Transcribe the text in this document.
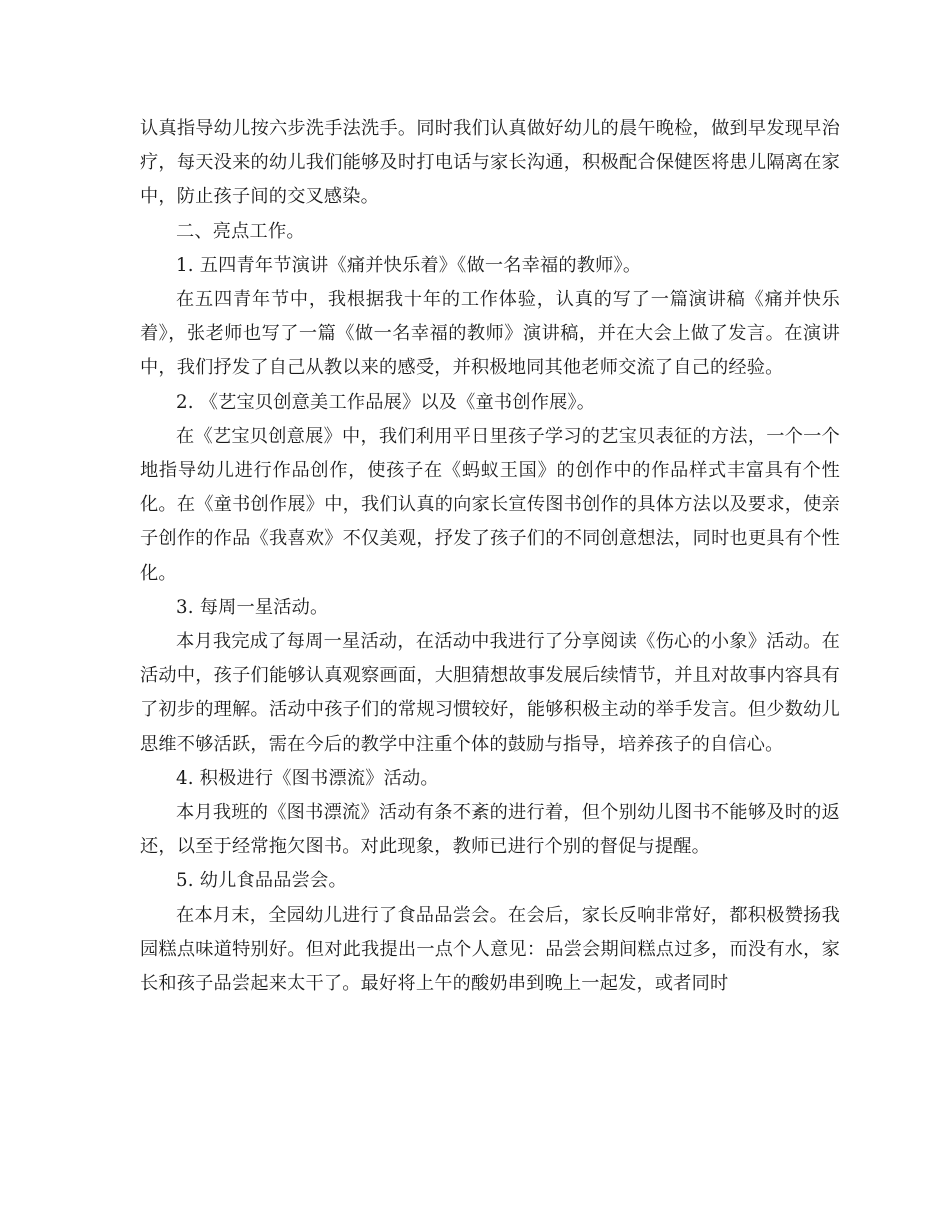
认真指导幼儿按六步洗手法洗手。同时我们认真做好幼儿的晨午晚检，做到早发现早治疗，每天没来的幼儿我们能够及时打电话与家长沟通，积极配合保健医将患儿隔离在家中，防止孩子间的交叉感染。

二、亮点工作。

1. 五四青年节演讲《痛并快乐着》《做一名幸福的教师》。

在五四青年节中，我根据我十年的工作体验，认真的写了一篇演讲稿《痛并快乐着》，张老师也写了一篇《做一名幸福的教师》演讲稿，并在大会上做了发言。在演讲中，我们抒发了自己从教以来的感受，并积极地同其他老师交流了自己的经验。

2. 《艺宝贝创意美工作品展》以及《童书创作展》。

在《艺宝贝创意展》中，我们利用平日里孩子学习的艺宝贝表征的方法，一个一个地指导幼儿进行作品创作，使孩子在《蚂蚁王国》的创作中的作品样式丰富具有个性化。在《童书创作展》中，我们认真的向家长宣传图书创作的具体方法以及要求，使亲子创作的作品《我喜欢》不仅美观，抒发了孩子们的不同创意想法，同时也更具有个性化。

3. 每周一星活动。

本月我完成了每周一星活动，在活动中我进行了分享阅读《伤心的小象》活动。在活动中，孩子们能够认真观察画面，大胆猜想故事发展后续情节，并且对故事内容具有了初步的理解。活动中孩子们的常规习惯较好，能够积极主动的举手发言。但少数幼儿思维不够活跃，需在今后的教学中注重个体的鼓励与指导，培养孩子的自信心。

4. 积极进行《图书漂流》活动。

本月我班的《图书漂流》活动有条不紊的进行着，但个别幼儿图书不能够及时的返还，以至于经常拖欠图书。对此现象，教师已进行个别的督促与提醒。

5. 幼儿食品品尝会。

在本月末，全园幼儿进行了食品品尝会。在会后，家长反响非常好，都积极赞扬我园糕点味道特别好。但对此我提出一点个人意见：品尝会期间糕点过多，而没有水，家长和孩子品尝起来太干了。最好将上午的酸奶串到晚上一起发，或者同时
